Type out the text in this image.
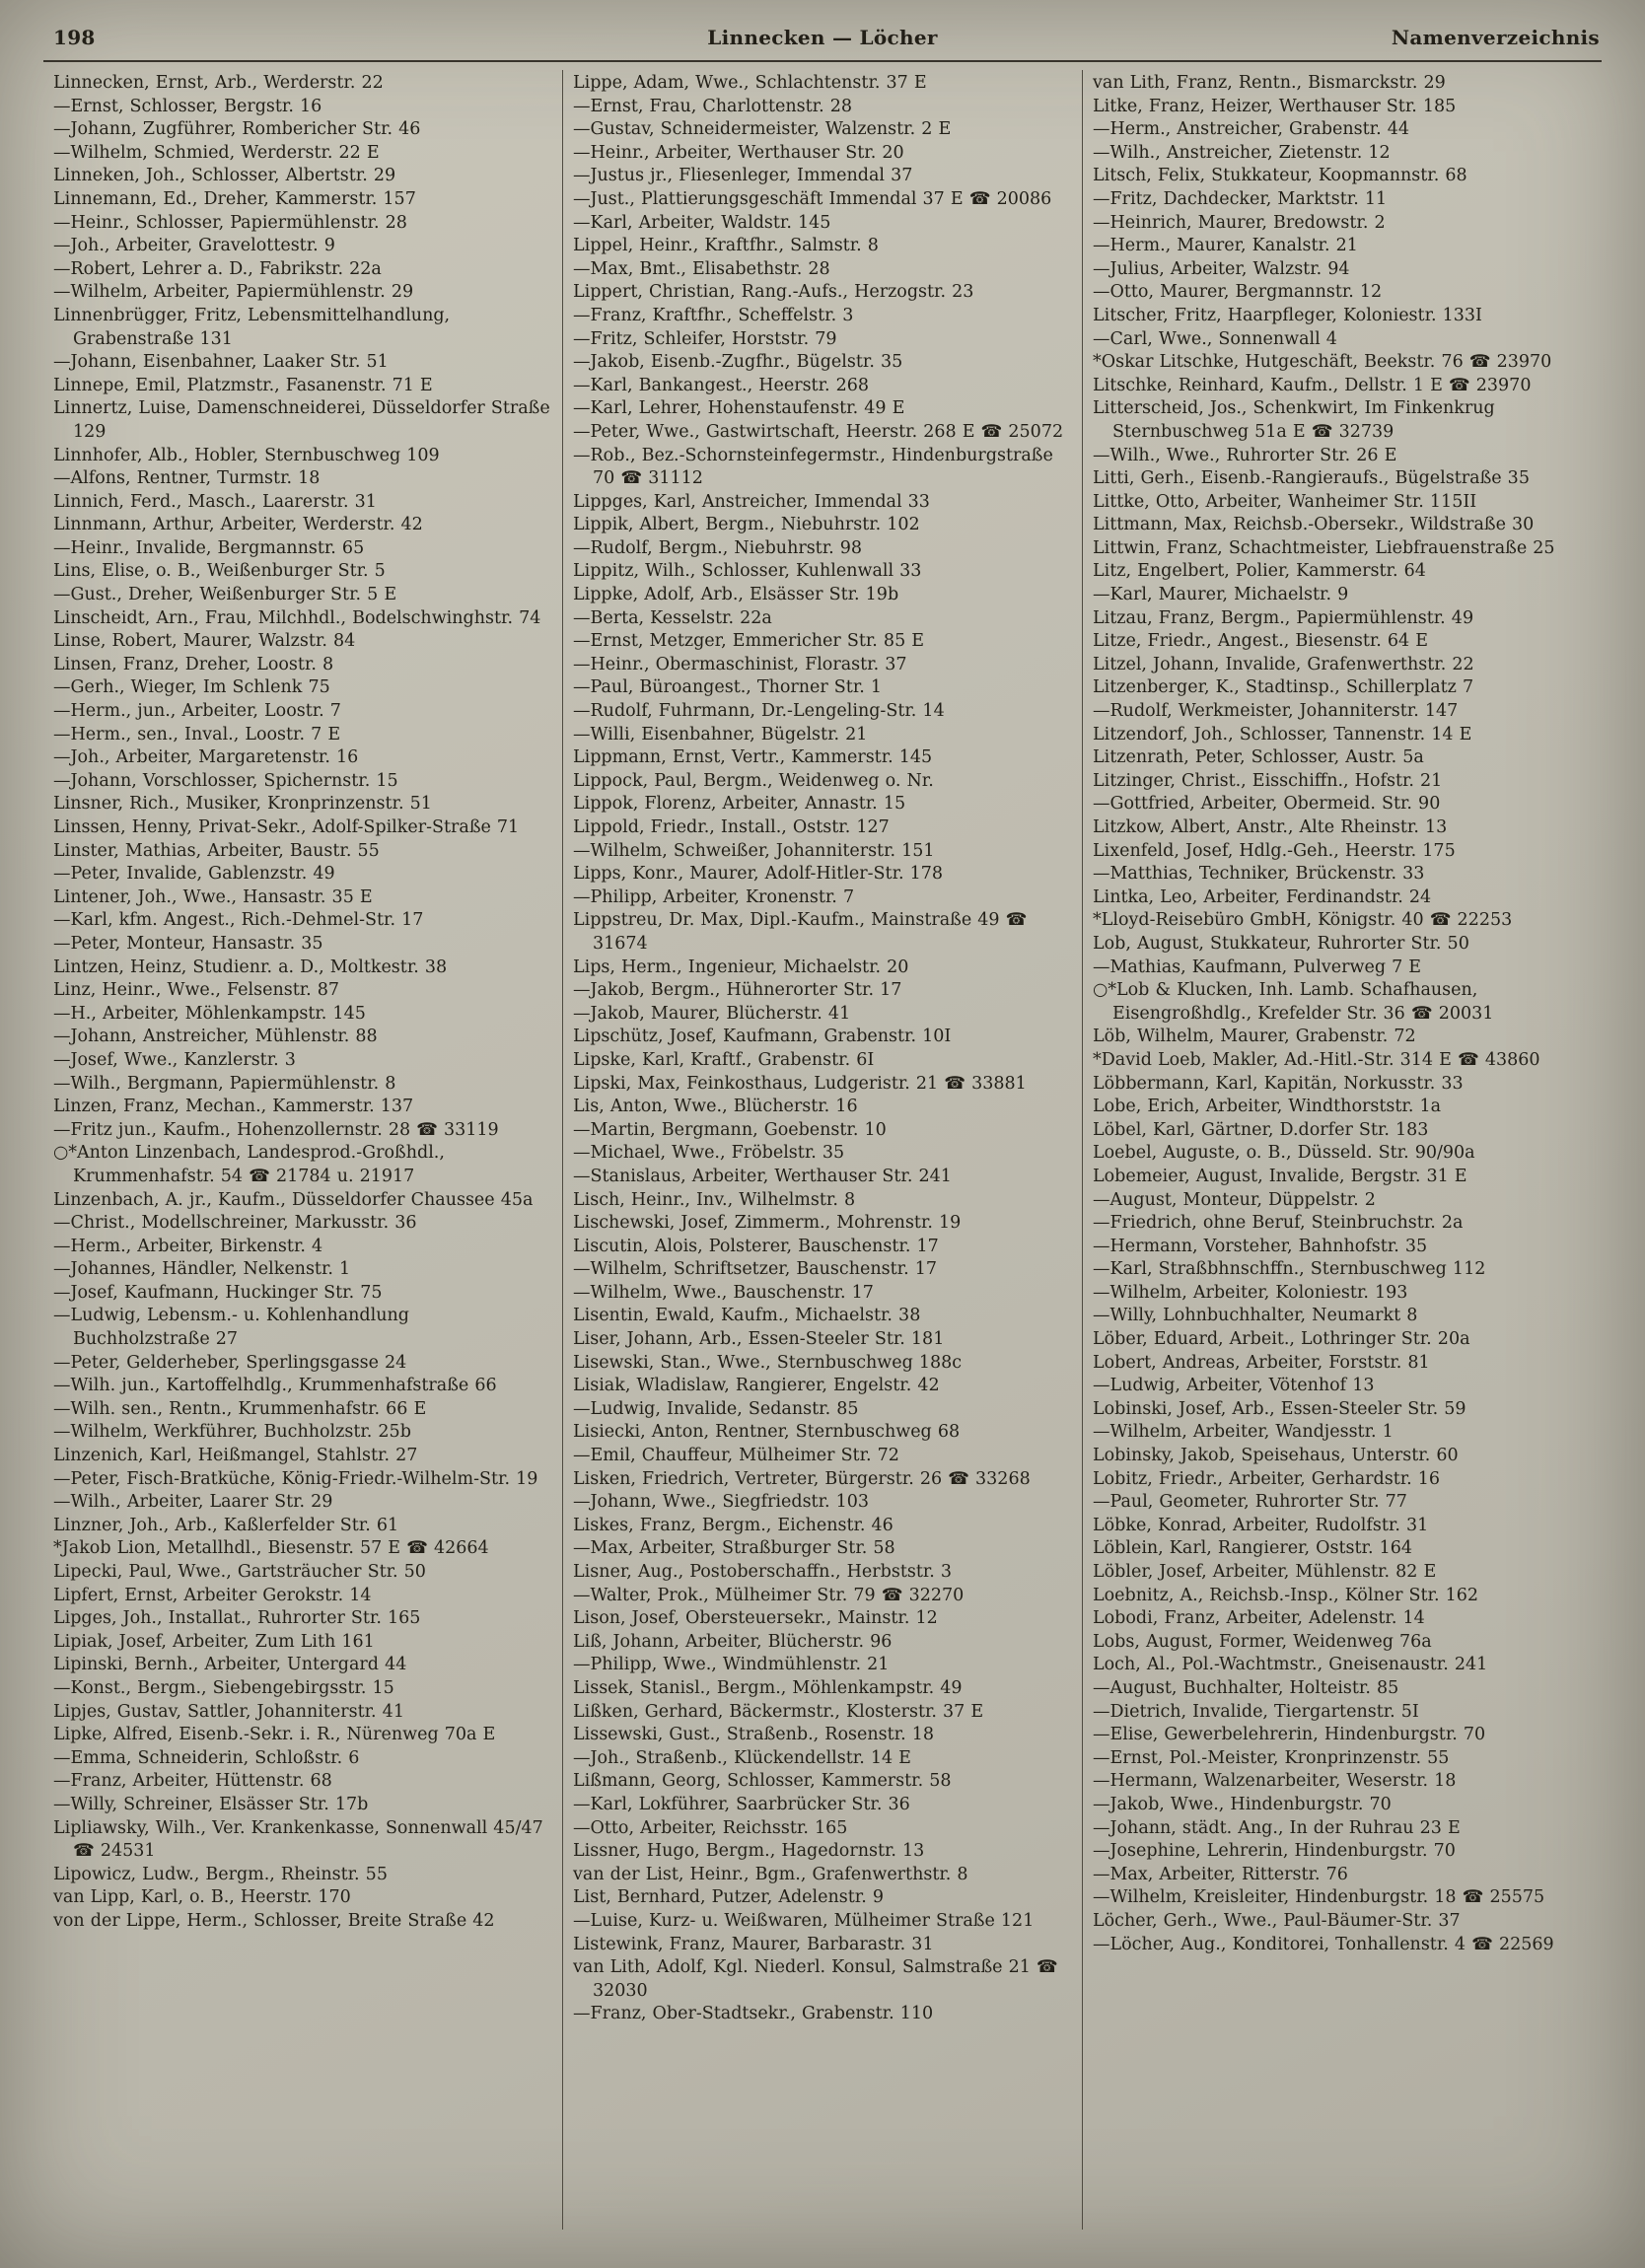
198	Linnecken — Löcher	Namenverzeichnis
Linnecken, Ernst, Arb., Werderstr. 22
—Ernst, Schlosser, Bergstr. 16
—Johann, Zugführer, Rombericher Str. 46
—Wilhelm, Schmied, Werderstr. 22 E
Linneken, Joh., Schlosser, Albertstr. 29
Linnemann, Ed., Dreher, Kammerstr. 157
—Heinr., Schlosser, Papiermühlenstr. 28
—Joh., Arbeiter, Gravelottestr. 9
—Robert, Lehrer a. D., Fabrikstr. 22a
—Wilhelm, Arbeiter, Papiermühlenstr. 29
Linnenbrügger, Fritz, Lebensmittelhandlung, Grabenstraße 131
—Johann, Eisenbahner, Laaker Str. 51
Linnepe, Emil, Platzmstr., Fasanenstr. 71 E
Linnertz, Luise, Damenschneiderei, Düsseldorfer Straße 129
Linnhofer, Alb., Hobler, Sternbuschweg 109
—Alfons, Rentner, Turmstr. 18
Linnich, Ferd., Masch., Laarerstr. 31
Linnmann, Arthur, Arbeiter, Werderstr. 42
—Heinr., Invalide, Bergmannstr. 65
Lins, Elise, o. B., Weißenburger Str. 5
—Gust., Dreher, Weißenburger Str. 5 E
Linscheidt, Arn., Frau, Milchhdl., Bodelschwinghstr. 74
Linse, Robert, Maurer, Walzstr. 84
Linsen, Franz, Dreher, Loostr. 8
—Gerh., Wieger, Im Schlenk 75
—Herm., jun., Arbeiter, Loostr. 7
—Herm., sen., Inval., Loostr. 7 E
—Joh., Arbeiter, Margaretenstr. 16
—Johann, Vorschlosser, Spichernstr. 15
Linsner, Rich., Musiker, Kronprinzenstr. 51
Linssen, Henny, Privat-Sekr., Adolf-Spilker-Straße 71
Linster, Mathias, Arbeiter, Baustr. 55
—Peter, Invalide, Gablenzstr. 49
Lintener, Joh., Wwe., Hansastr. 35 E
—Karl, kfm. Angest., Rich.-Dehmel-Str. 17
—Peter, Monteur, Hansastr. 35
Lintzen, Heinz, Studienr. a. D., Moltkestr. 38
Linz, Heinr., Wwe., Felsenstr. 87
—H., Arbeiter, Möhlenkampstr. 145
—Johann, Anstreicher, Mühlenstr. 88
—Josef, Wwe., Kanzlerstr. 3
—Wilh., Bergmann, Papiermühlenstr. 8
Linzen, Franz, Mechan., Kammerstr. 137
—Fritz jun., Kaufm., Hohenzollernstr. 28 ☎ 33119
○*Anton Linzenbach, Landesprod.-Großhdl., Krummenhafstr. 54 ☎ 21784 u. 21917
Linzenbach, A. jr., Kaufm., Düsseldorfer Chaussee 45a
—Christ., Modellschreiner, Markusstr. 36
—Herm., Arbeiter, Birkenstr. 4
—Johannes, Händler, Nelkenstr. 1
—Josef, Kaufmann, Huckinger Str. 75
—Ludwig, Lebensm.- u. Kohlenhandlung Buchholzstraße 27
—Peter, Gelderheber, Sperlingsgasse 24
—Wilh. jun., Kartoffelhdlg., Krummenhafstraße 66
—Wilh. sen., Rentn., Krummenhafstr. 66 E
—Wilhelm, Werkführer, Buchholzstr. 25b
Linzenich, Karl, Heißmangel, Stahlstr. 27
—Peter, Fisch-Bratküche, König-Friedr.-Wilhelm-Str. 19
—Wilh., Arbeiter, Laarer Str. 29
Linzner, Joh., Arb., Kaßlerfelder Str. 61
*Jakob Lion, Metallhdl., Biesenstr. 57 E ☎ 42664
Lipecki, Paul, Wwe., Gartsträucher Str. 50
Lipfert, Ernst, Arbeiter Gerokstr. 14
Lipges, Joh., Installat., Ruhrorter Str. 165
Lipiak, Josef, Arbeiter, Zum Lith 161
Lipinski, Bernh., Arbeiter, Untergard 44
—Konst., Bergm., Siebengebirgsstr. 15
Lipjes, Gustav, Sattler, Johanniterstr. 41
Lipke, Alfred, Eisenb.-Sekr. i. R., Nürenweg 70a E
—Emma, Schneiderin, Schloßstr. 6
—Franz, Arbeiter, Hüttenstr. 68
—Willy, Schreiner, Elsässer Str. 17b
Lipliawsky, Wilh., Ver. Krankenkasse, Sonnenwall 45/47 ☎ 24531
Lipowicz, Ludw., Bergm., Rheinstr. 55
van Lipp, Karl, o. B., Heerstr. 170
von der Lippe, Herm., Schlosser, Breite Straße 42
Lippe, Adam, Wwe., Schlachtenstr. 37 E
—Ernst, Frau, Charlottenstr. 28
—Gustav, Schneidermeister, Walzenstr. 2 E
—Heinr., Arbeiter, Werthauser Str. 20
—Justus jr., Fliesenleger, Immendal 37
—Just., Plattierungsgeschäft Immendal 37 E ☎ 20086
—Karl, Arbeiter, Waldstr. 145
Lippel, Heinr., Kraftfhr., Salmstr. 8
—Max, Bmt., Elisabethstr. 28
Lippert, Christian, Rang.-Aufs., Herzogstr. 23
—Franz, Kraftfhr., Scheffelstr. 3
—Fritz, Schleifer, Horststr. 79
—Jakob, Eisenb.-Zugfhr., Bügelstr. 35
—Karl, Bankangest., Heerstr. 268
—Karl, Lehrer, Hohenstaufenstr. 49 E
—Peter, Wwe., Gastwirtschaft, Heerstr. 268 E ☎ 25072
—Rob., Bez.-Schornsteinfegermstr., Hindenburgstraße 70 ☎ 31112
Lippges, Karl, Anstreicher, Immendal 33
Lippik, Albert, Bergm., Niebuhrstr. 102
—Rudolf, Bergm., Niebuhrstr. 98
Lippitz, Wilh., Schlosser, Kuhlenwall 33
Lippke, Adolf, Arb., Elsässer Str. 19b
—Berta, Kesselstr. 22a
—Ernst, Metzger, Emmericher Str. 85 E
—Heinr., Obermaschinist, Florastr. 37
—Paul, Büroangest., Thorner Str. 1
—Rudolf, Fuhrmann, Dr.-Lengeling-Str. 14
—Willi, Eisenbahner, Bügelstr. 21
Lippmann, Ernst, Vertr., Kammerstr. 145
Lippock, Paul, Bergm., Weidenweg o. Nr.
Lippok, Florenz, Arbeiter, Annastr. 15
Lippold, Friedr., Install., Oststr. 127
—Wilhelm, Schweißer, Johanniterstr. 151
Lipps, Konr., Maurer, Adolf-Hitler-Str. 178
—Philipp, Arbeiter, Kronenstr. 7
Lippstreu, Dr. Max, Dipl.-Kaufm., Mainstraße 49 ☎ 31674
Lips, Herm., Ingenieur, Michaelstr. 20
—Jakob, Bergm., Hühnerorter Str. 17
—Jakob, Maurer, Blücherstr. 41
Lipschütz, Josef, Kaufmann, Grabenstr. 10I
Lipske, Karl, Kraftf., Grabenstr. 6I
Lipski, Max, Feinkosthaus, Ludgeristr. 21 ☎ 33881
Lis, Anton, Wwe., Blücherstr. 16
—Martin, Bergmann, Goebenstr. 10
—Michael, Wwe., Fröbelstr. 35
—Stanislaus, Arbeiter, Werthauser Str. 241
Lisch, Heinr., Inv., Wilhelmstr. 8
Lischewski, Josef, Zimmerm., Mohrenstr. 19
Liscutin, Alois, Polsterer, Bauschenstr. 17
—Wilhelm, Schriftsetzer, Bauschenstr. 17
—Wilhelm, Wwe., Bauschenstr. 17
Lisentin, Ewald, Kaufm., Michaelstr. 38
Liser, Johann, Arb., Essen-Steeler Str. 181
Lisewski, Stan., Wwe., Sternbuschweg 188c
Lisiak, Wladislaw, Rangierer, Engelstr. 42
—Ludwig, Invalide, Sedanstr. 85
Lisiecki, Anton, Rentner, Sternbuschweg 68
—Emil, Chauffeur, Mülheimer Str. 72
Lisken, Friedrich, Vertreter, Bürgerstr. 26 ☎ 33268
—Johann, Wwe., Siegfriedstr. 103
Liskes, Franz, Bergm., Eichenstr. 46
—Max, Arbeiter, Straßburger Str. 58
Lisner, Aug., Postoberschaffn., Herbststr. 3
—Walter, Prok., Mülheimer Str. 79 ☎ 32270
Lison, Josef, Obersteuersekr., Mainstr. 12
Liß, Johann, Arbeiter, Blücherstr. 96
—Philipp, Wwe., Windmühlenstr. 21
Lissek, Stanisl., Bergm., Möhlenkampstr. 49
Lißken, Gerhard, Bäckermstr., Klosterstr. 37 E
Lissewski, Gust., Straßenb., Rosenstr. 18
—Joh., Straßenb., Klückendellstr. 14 E
Lißmann, Georg, Schlosser, Kammerstr. 58
—Karl, Lokführer, Saarbrücker Str. 36
—Otto, Arbeiter, Reichsstr. 165
Lissner, Hugo, Bergm., Hagedornstr. 13
van der List, Heinr., Bgm., Grafenwerthstr. 8
List, Bernhard, Putzer, Adelenstr. 9
—Luise, Kurz- u. Weißwaren, Mülheimer Straße 121
Listewink, Franz, Maurer, Barbarastr. 31
van Lith, Adolf, Kgl. Niederl. Konsul, Salmstraße 21 ☎ 32030
—Franz, Ober-Stadtsekr., Grabenstr. 110
van Lith, Franz, Rentn., Bismarckstr. 29
Litke, Franz, Heizer, Werthauser Str. 185
—Herm., Anstreicher, Grabenstr. 44
—Wilh., Anstreicher, Zietenstr. 12
Litsch, Felix, Stukkateur, Koopmannstr. 68
—Fritz, Dachdecker, Marktstr. 11
—Heinrich, Maurer, Bredowstr. 2
—Herm., Maurer, Kanalstr. 21
—Julius, Arbeiter, Walzstr. 94
—Otto, Maurer, Bergmannstr. 12
Litscher, Fritz, Haarpfleger, Koloniestr. 133I
—Carl, Wwe., Sonnenwall 4
*Oskar Litschke, Hutgeschäft, Beekstr. 76 ☎ 23970
Litschke, Reinhard, Kaufm., Dellstr. 1 E ☎ 23970
Litterscheid, Jos., Schenkwirt, Im Finkenkrug Sternbuschweg 51a E ☎ 32739
—Wilh., Wwe., Ruhrorter Str. 26 E
Litti, Gerh., Eisenb.-Rangieraufs., Bügelstraße 35
Littke, Otto, Arbeiter, Wanheimer Str. 115II
Littmann, Max, Reichsb.-Obersekr., Wildstraße 30
Littwin, Franz, Schachtmeister, Liebfrauenstraße 25
Litz, Engelbert, Polier, Kammerstr. 64
—Karl, Maurer, Michaelstr. 9
Litzau, Franz, Bergm., Papiermühlenstr. 49
Litze, Friedr., Angest., Biesenstr. 64 E
Litzel, Johann, Invalide, Grafenwerthstr. 22
Litzenberger, K., Stadtinsp., Schillerplatz 7
—Rudolf, Werkmeister, Johanniterstr. 147
Litzendorf, Joh., Schlosser, Tannenstr. 14 E
Litzenrath, Peter, Schlosser, Austr. 5a
Litzinger, Christ., Eisschiffn., Hofstr. 21
—Gottfried, Arbeiter, Obermeid. Str. 90
Litzkow, Albert, Anstr., Alte Rheinstr. 13
Lixenfeld, Josef, Hdlg.-Geh., Heerstr. 175
—Matthias, Techniker, Brückenstr. 33
Lintka, Leo, Arbeiter, Ferdinandstr. 24
*Lloyd-Reisebüro GmbH, Königstr. 40 ☎ 22253
Lob, August, Stukkateur, Ruhrorter Str. 50
—Mathias, Kaufmann, Pulverweg 7 E
○*Lob & Klucken, Inh. Lamb. Schafhausen, Eisengroßhdlg., Krefelder Str. 36 ☎ 20031
Löb, Wilhelm, Maurer, Grabenstr. 72
*David Loeb, Makler, Ad.-Hitl.-Str. 314 E ☎ 43860
Löbbermann, Karl, Kapitän, Norkusstr. 33
Lobe, Erich, Arbeiter, Windthorststr. 1a
Löbel, Karl, Gärtner, D.dorfer Str. 183
Loebel, Auguste, o. B., Düsseld. Str. 90/90a
Lobemeier, August, Invalide, Bergstr. 31 E
—August, Monteur, Düppelstr. 2
—Friedrich, ohne Beruf, Steinbruchstr. 2a
—Hermann, Vorsteher, Bahnhofstr. 35
—Karl, Straßbhnschffn., Sternbuschweg 112
—Wilhelm, Arbeiter, Koloniestr. 193
—Willy, Lohnbuchhalter, Neumarkt 8
Löber, Eduard, Arbeit., Lothringer Str. 20a
Lobert, Andreas, Arbeiter, Forststr. 81
—Ludwig, Arbeiter, Vötenhof 13
Lobinski, Josef, Arb., Essen-Steeler Str. 59
—Wilhelm, Arbeiter, Wandjesstr. 1
Lobinsky, Jakob, Speisehaus, Unterstr. 60
Lobitz, Friedr., Arbeiter, Gerhardstr. 16
—Paul, Geometer, Ruhrorter Str. 77
Löbke, Konrad, Arbeiter, Rudolfstr. 31
Löblein, Karl, Rangierer, Oststr. 164
Löbler, Josef, Arbeiter, Mühlenstr. 82 E
Loebnitz, A., Reichsb.-Insp., Kölner Str. 162
Lobodi, Franz, Arbeiter, Adelenstr. 14
Lobs, August, Former, Weidenweg 76a
Loch, Al., Pol.-Wachtmstr., Gneisenaustr. 241
—August, Buchhalter, Holteistr. 85
—Dietrich, Invalide, Tiergartenstr. 5I
—Elise, Gewerbelehrerin, Hindenburgstr. 70
—Ernst, Pol.-Meister, Kronprinzenstr. 55
—Hermann, Walzenarbeiter, Weserstr. 18
—Jakob, Wwe., Hindenburgstr. 70
—Johann, städt. Ang., In der Ruhrau 23 E
—Josephine, Lehrerin, Hindenburgstr. 70
—Max, Arbeiter, Ritterstr. 76
—Wilhelm, Kreisleiter, Hindenburgstr. 18 ☎ 25575
Löcher, Gerh., Wwe., Paul-Bäumer-Str. 37
—Löcher, Aug., Konditorei, Tonhallenstr. 4 ☎ 22569
